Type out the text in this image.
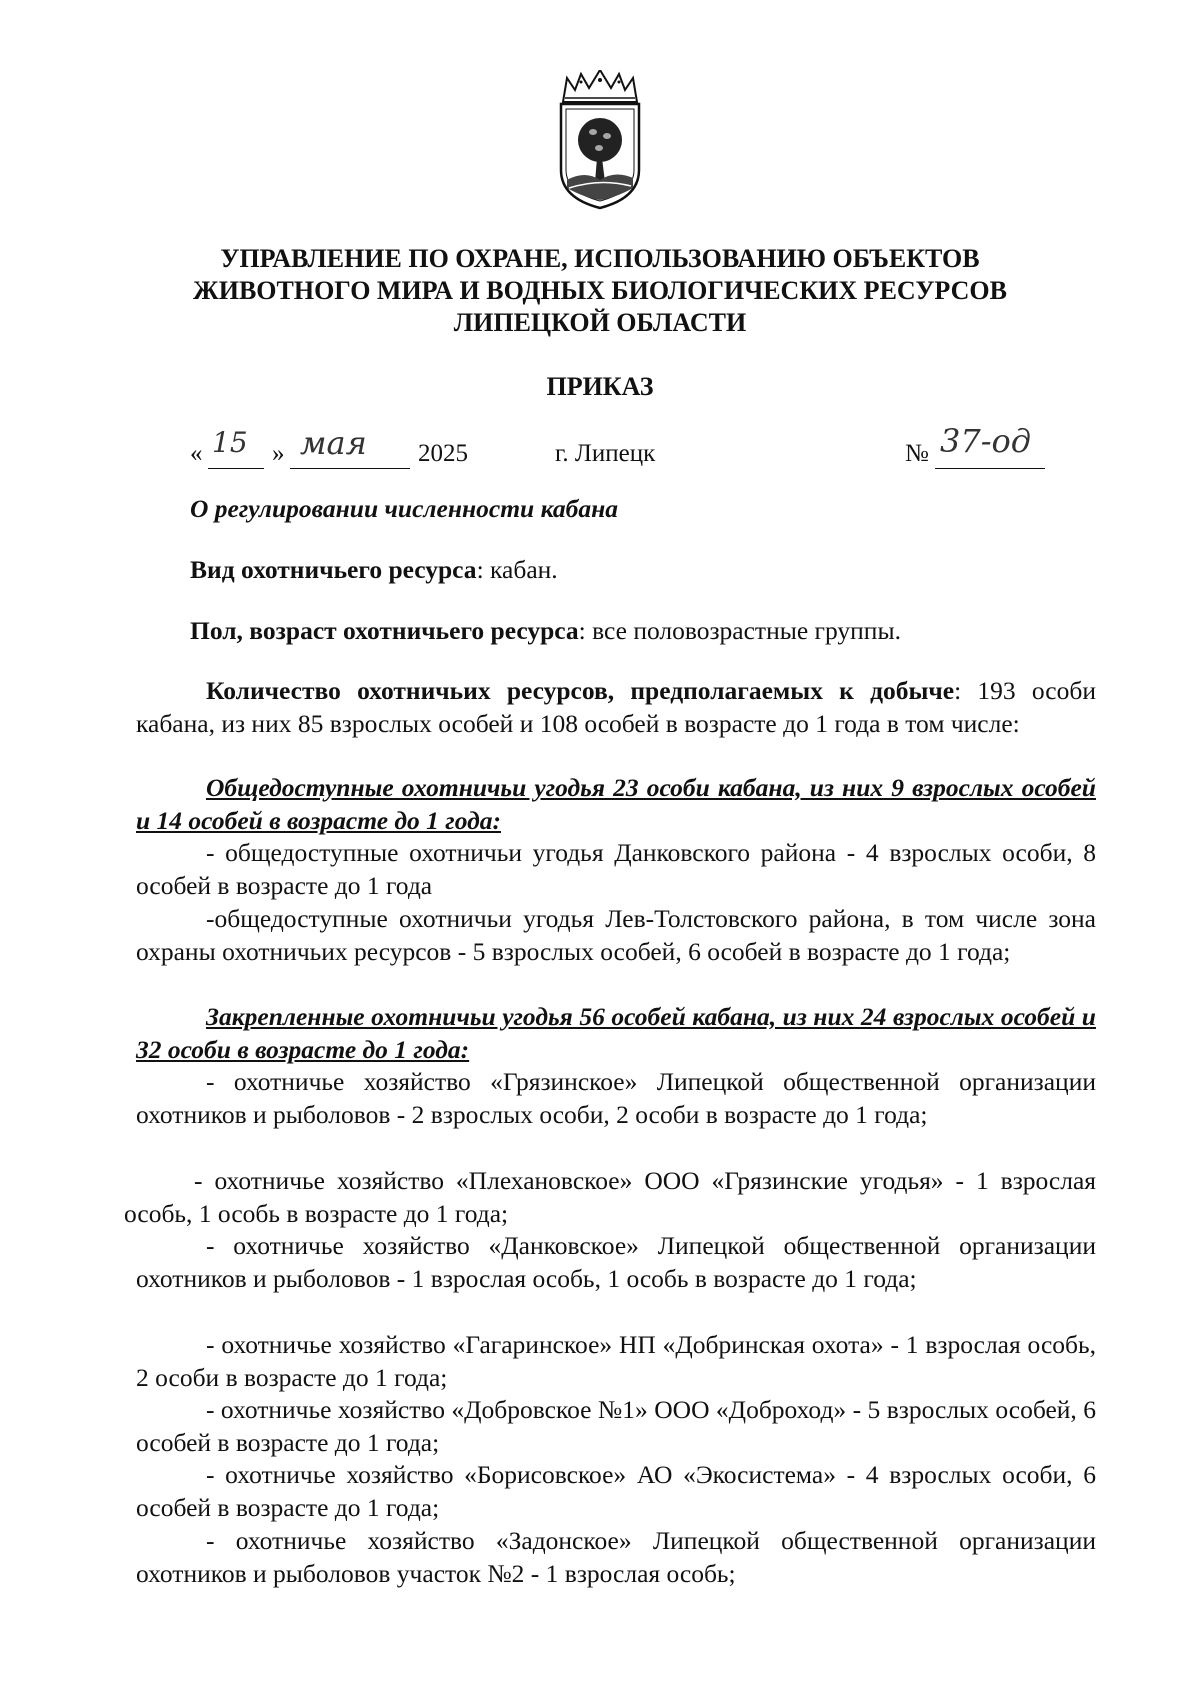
УПРАВЛЕНИЕ ПО ОХРАНЕ, ИСПОЛЬЗОВАНИЮ ОБЪЕКТОВ
ЖИВОТНОГО МИРА И ВОДНЫХ БИОЛОГИЧЕСКИХ РЕСУРСОВ
ЛИПЕЦКОЙ ОБЛАСТИ
ПРИКАЗ
« 15 » мая 2025	г. Липецк	№ 37-од
О регулировании численности кабана
Вид охотничьего ресурса: кабан.
Пол, возраст охотничьего ресурса: все половозрастные группы.
Количество охотничьих ресурсов, предполагаемых к добыче: 193 особи кабана, из них 85 взрослых особей и 108 особей в возрасте до 1 года в том числе:
Общедоступные охотничьи угодья 23 особи кабана, из них 9 взрослых особей и 14 особей в возрасте до 1 года:
- общедоступные охотничьи угодья Данковского района - 4 взрослых особи, 8 особей в возрасте до 1 года
-общедоступные охотничьи угодья Лев-Толстовского района, в том числе зона охраны охотничьих ресурсов - 5 взрослых особей, 6 особей в возрасте до 1 года;
Закрепленные охотничьи угодья 56 особей кабана, из них 24 взрослых особей и 32 особи в возрасте до 1 года:
- охотничье хозяйство «Грязинское» Липецкой общественной организации охотников и рыболовов - 2 взрослых особи, 2 особи в возрасте до 1 года;
- охотничье хозяйство «Плехановское» ООО «Грязинские угодья» - 1 взрослая особь, 1 особь в возрасте до 1 года;
- охотничье хозяйство «Данковское» Липецкой общественной организации охотников и рыболовов - 1 взрослая особь, 1 особь в возрасте до 1 года;
- охотничье хозяйство «Гагаринское» НП «Добринская охота» - 1 взрослая особь, 2 особи в возрасте до 1 года;
- охотничье хозяйство «Добровское №1» ООО «Доброход» - 5 взрослых особей, 6 особей в возрасте до 1 года;
- охотничье хозяйство «Борисовское» АО «Экосистема» - 4 взрослых особи, 6 особей в возрасте до 1 года;
- охотничье хозяйство «Задонское» Липецкой общественной организации охотников и рыболовов участок №2 - 1 взрослая особь;
